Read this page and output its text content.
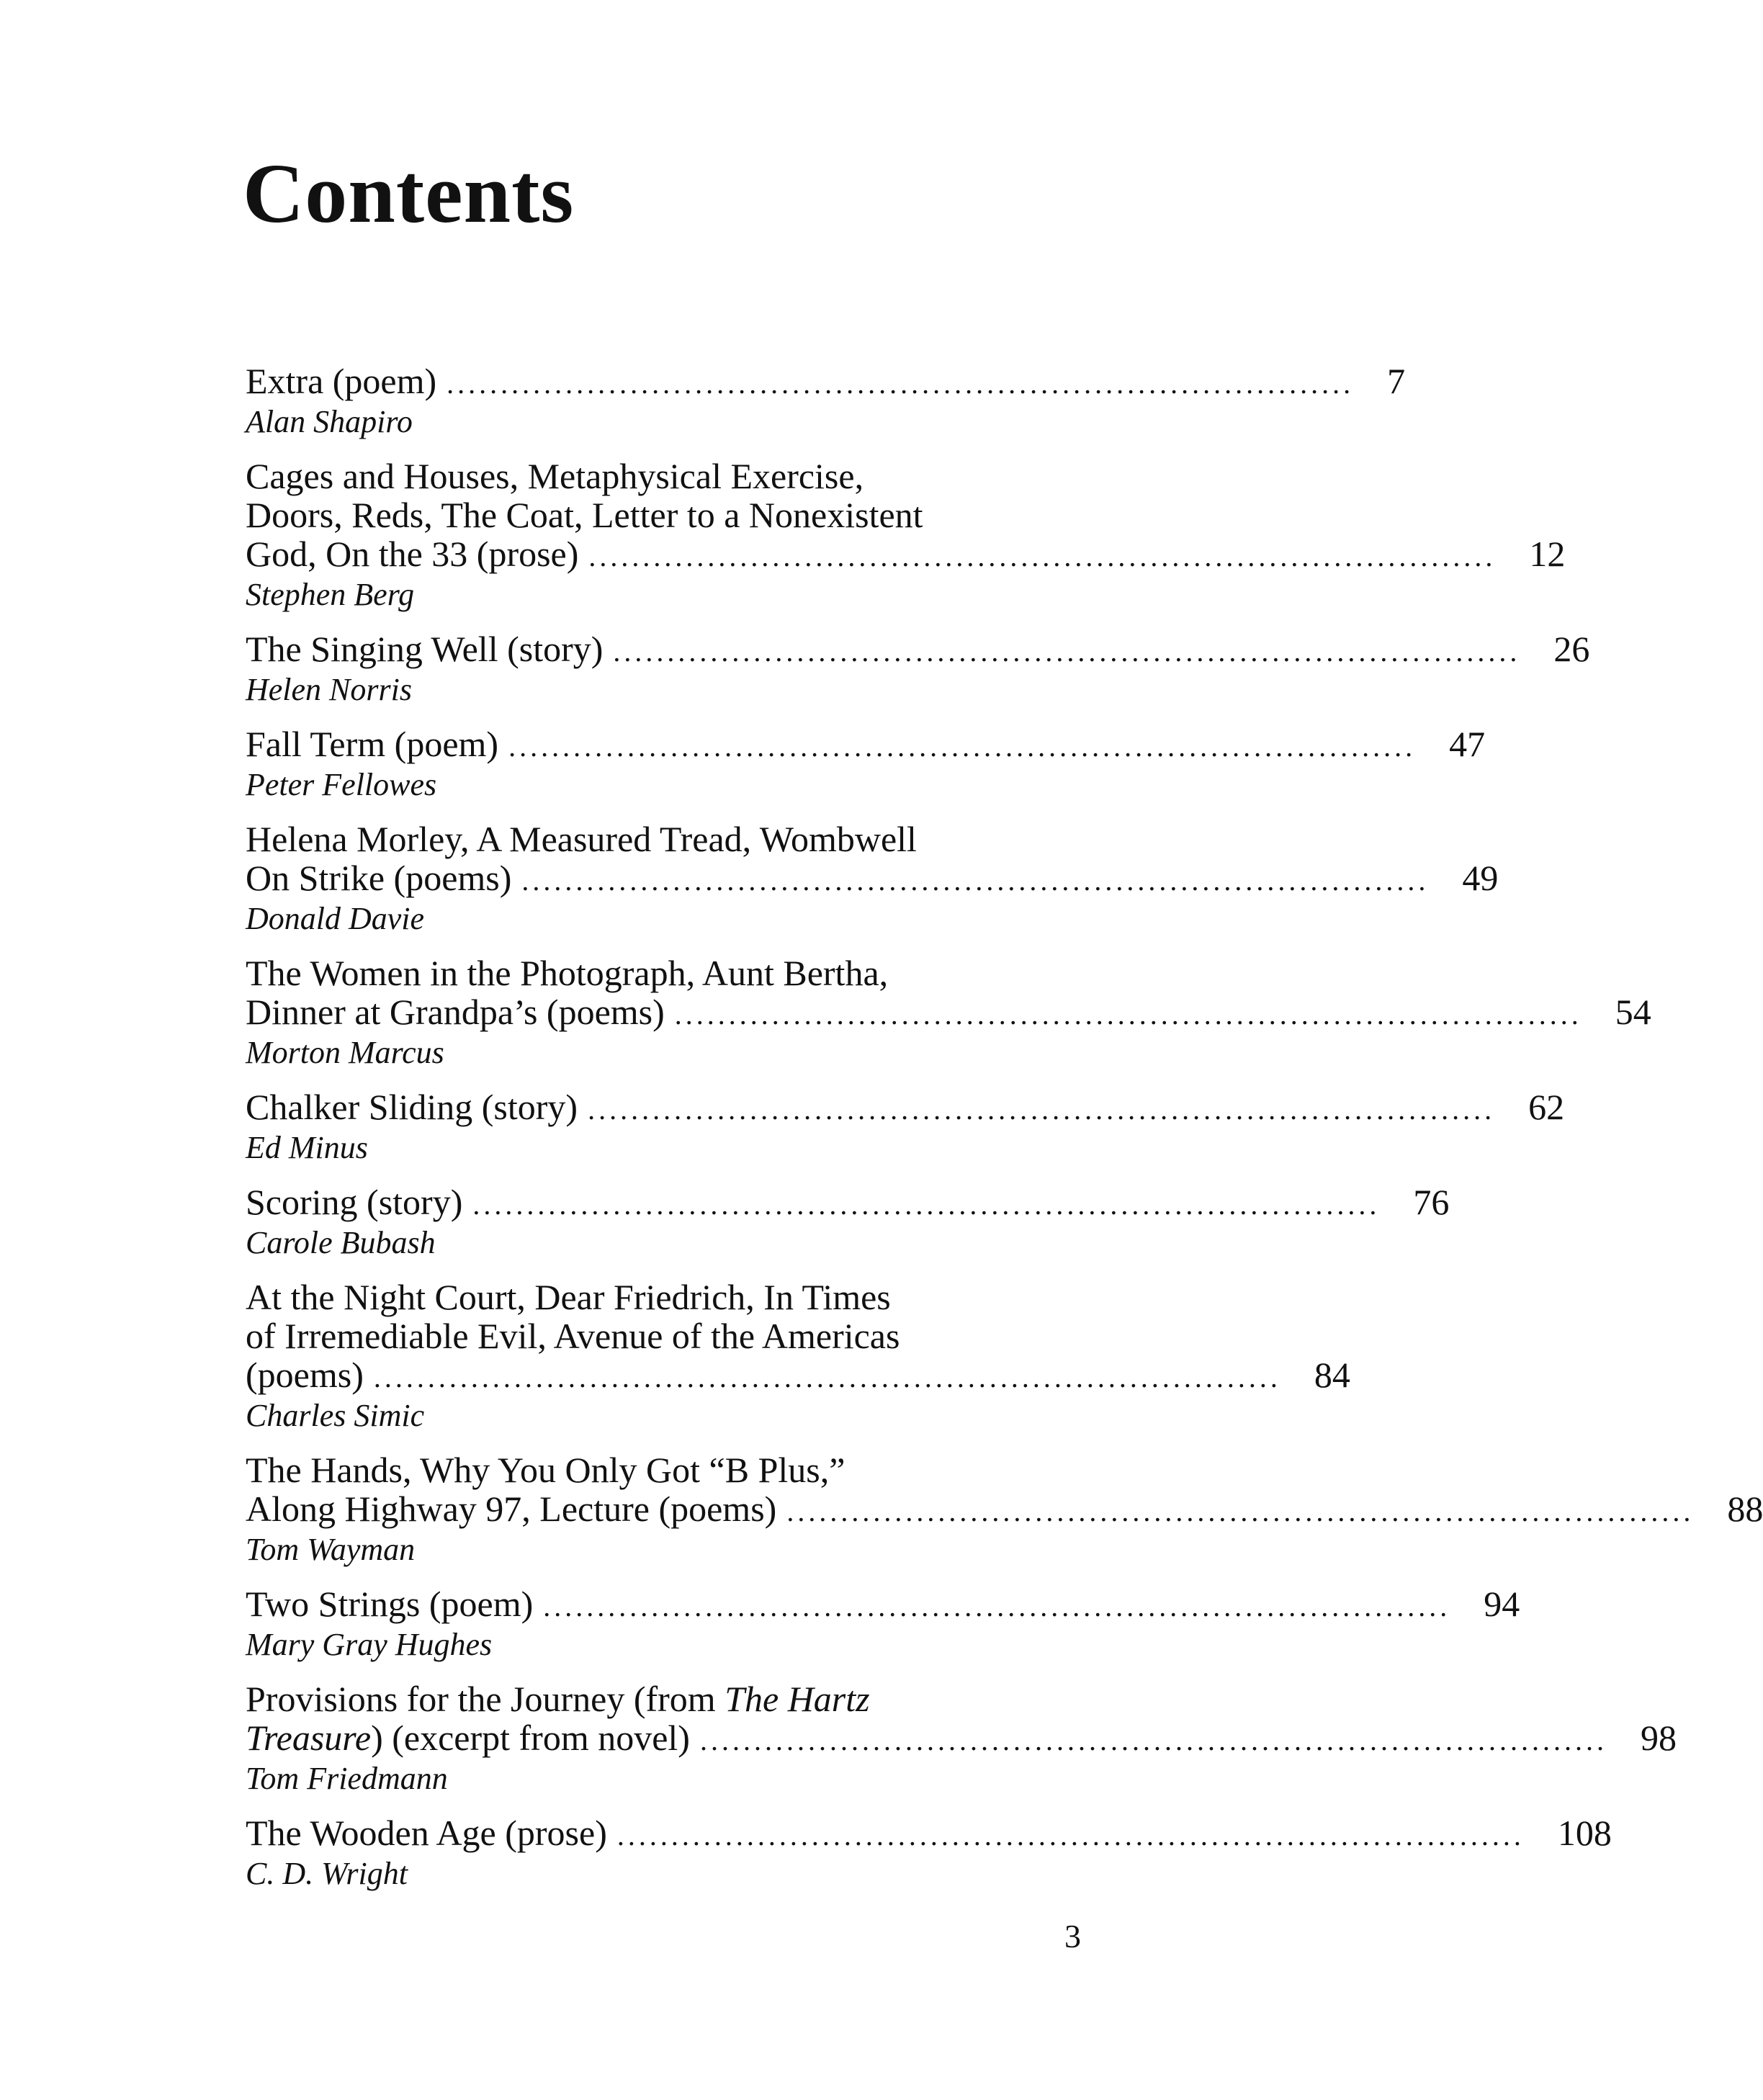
Contents
Extra (poem) .................................................................................... 7
Alan Shapiro
Cages and Houses, Metaphysical Exercise,
Doors, Reds, The Coat, Letter to a Nonexistent
God, On the 33 (prose) .................................................................................... 12
Stephen Berg
The Singing Well (story) .................................................................................... 26
Helen Norris
Fall Term (poem) .................................................................................... 47
Peter Fellowes
Helena Morley, A Measured Tread, Wombwell
On Strike (poems) .................................................................................... 49
Donald Davie
The Women in the Photograph, Aunt Bertha,
Dinner at Grandpa’s (poems) .................................................................................... 54
Morton Marcus
Chalker Sliding (story) .................................................................................... 62
Ed Minus
Scoring (story) .................................................................................... 76
Carole Bubash
At the Night Court, Dear Friedrich, In Times
of Irremediable Evil, Avenue of the Americas
(poems) .................................................................................... 84
Charles Simic
The Hands, Why You Only Got “B Plus,”
Along Highway 97, Lecture (poems) .................................................................................... 88
Tom Wayman
Two Strings (poem) .................................................................................... 94
Mary Gray Hughes
Provisions for the Journey (from The Hartz
Treasure) (excerpt from novel) .................................................................................... 98
Tom Friedmann
The Wooden Age (prose) .................................................................................... 108
C. D. Wright
3
